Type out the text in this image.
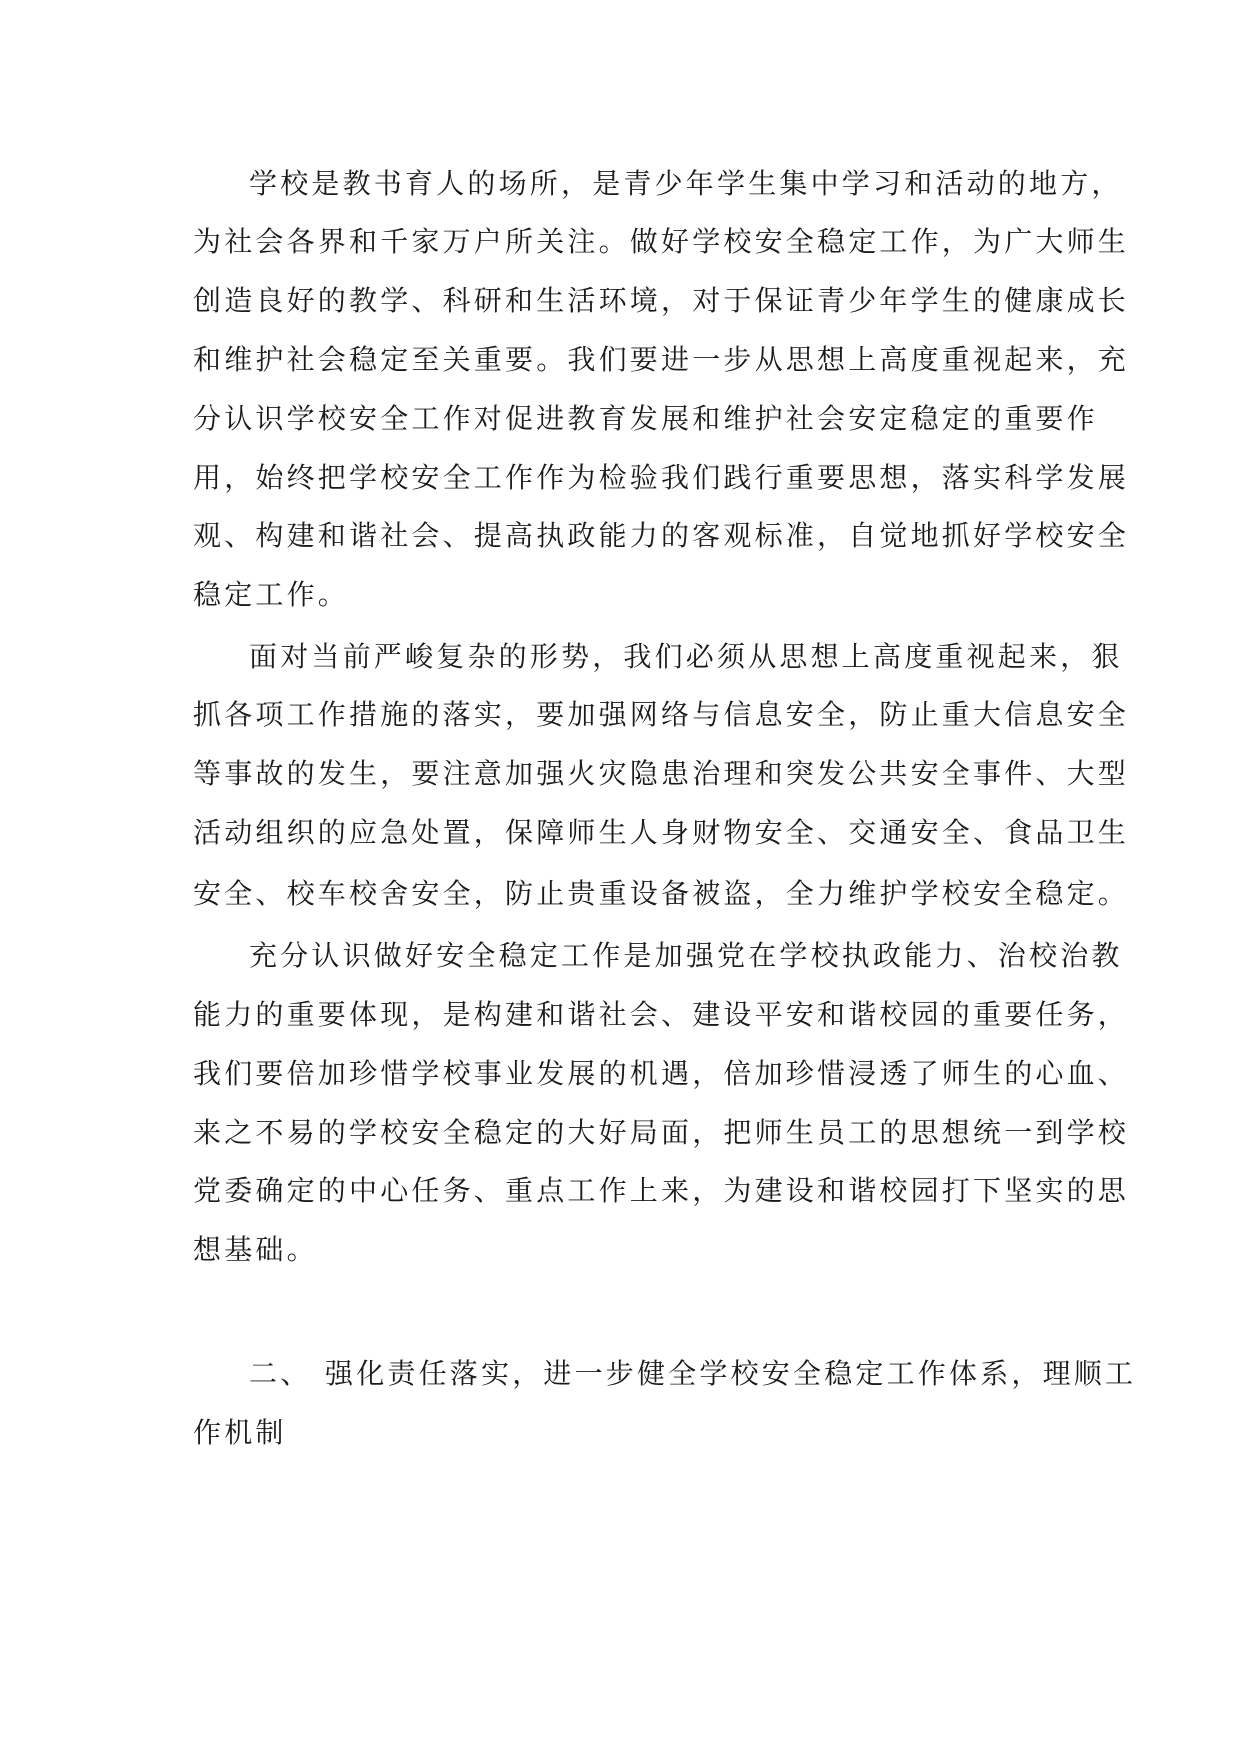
学校是教书育人的场所，是青少年学生集中学习和活动的地方，
为社会各界和千家万户所关注。做好学校安全稳定工作，为广大师生
创造良好的教学、科研和生活环境，对于保证青少年学生的健康成长
和维护社会稳定至关重要。我们要进一步从思想上高度重视起来，充
分认识学校安全工作对促进教育发展和维护社会安定稳定的重要作
用，始终把学校安全工作作为检验我们践行重要思想，落实科学发展
观、构建和谐社会、提高执政能力的客观标准，自觉地抓好学校安全
稳定工作。
面对当前严峻复杂的形势，我们必须从思想上高度重视起来，狠
抓各项工作措施的落实，要加强网络与信息安全，防止重大信息安全
等事故的发生，要注意加强火灾隐患治理和突发公共安全事件、大型
活动组织的应急处置，保障师生人身财物安全、交通安全、食品卫生
安全、校车校舍安全，防止贵重设备被盗，全力维护学校安全稳定。
充分认识做好安全稳定工作是加强党在学校执政能力、治校治教
能力的重要体现，是构建和谐社会、建设平安和谐校园的重要任务，
我们要倍加珍惜学校事业发展的机遇，倍加珍惜浸透了师生的心血、
来之不易的学校安全稳定的大好局面，把师生员工的思想统一到学校
党委确定的中心任务、重点工作上来，为建设和谐校园打下坚实的思
想基础。
二、 强化责任落实，进一步健全学校安全稳定工作体系，理顺工
作机制
